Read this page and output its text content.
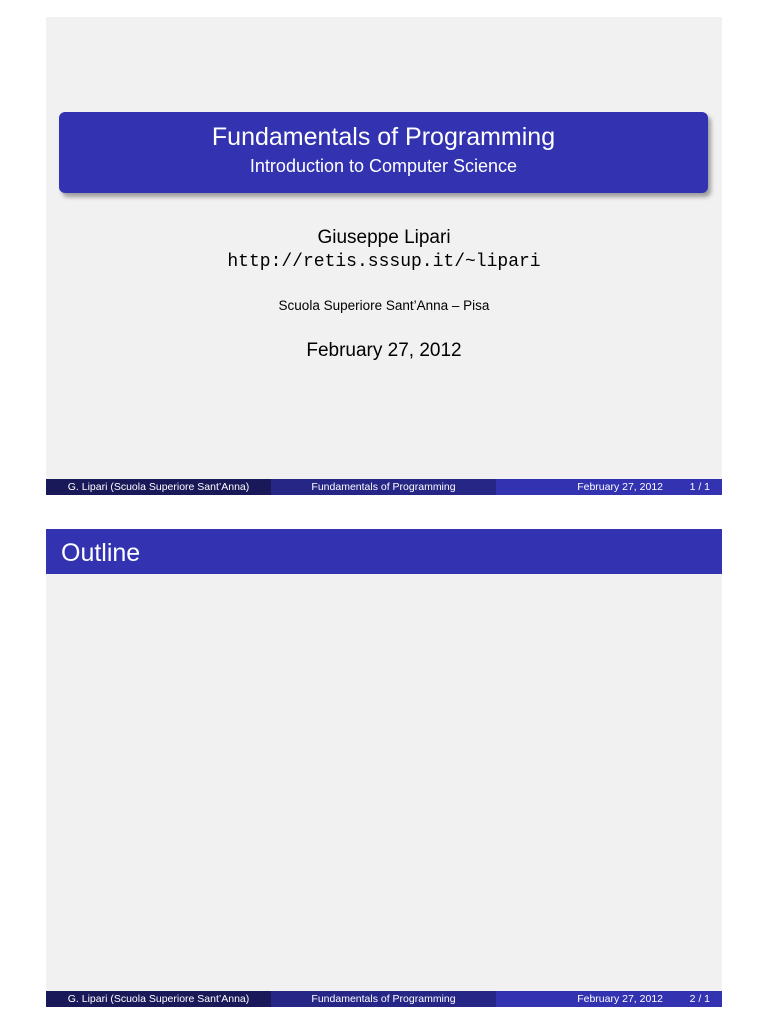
Fundamentals of Programming
Introduction to Computer Science
Giuseppe Lipari
http://retis.sssup.it/~lipari
Scuola Superiore Sant’Anna – Pisa
February 27, 2012
G. Lipari (Scuola Superiore Sant’Anna)	Fundamentals of Programming	February 27, 2012	1 / 1
Outline
G. Lipari (Scuola Superiore Sant’Anna)	Fundamentals of Programming	February 27, 2012	2 / 1
